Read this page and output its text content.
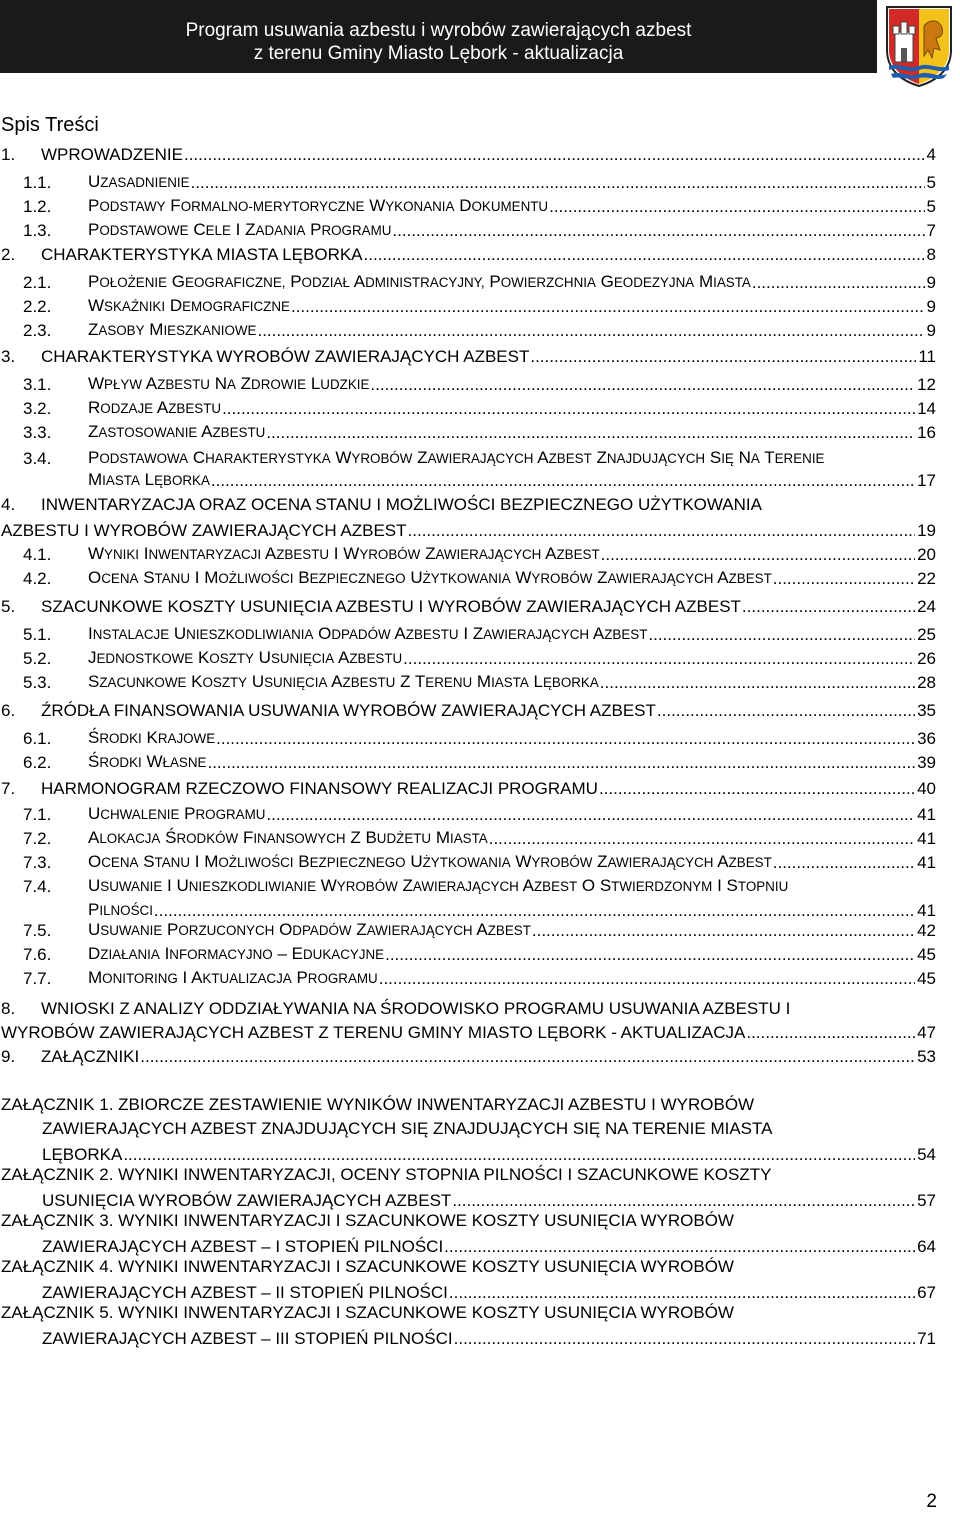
Program usuwania azbestu i wyrobów zawierających azbest
z terenu Gminy Miasto Lębork - aktualizacja
Spis Treści
1.	WPROWADZENIE .....	4
1.1.	UZASADNIENIE .....	5
1.2.	PODSTAWY FORMALNO-MERYTORYCZNE WYKONANIA DOKUMENTU .....	5
1.3.	PODSTAWOWE CELE I ZADANIA PROGRAMU .....	7
2.	CHARAKTERYSTYKA MIASTA LĘBORKA .....	8
2.1.	POŁOŻENIE GEOGRAFICZNE, PODZIAŁ ADMINISTRACYJNY, POWIERZCHNIA GEODEZYJNA MIASTA .....	9
2.2.	WSKAŹNIKI DEMOGRAFICZNE .....	9
2.3.	ZASOBY MIESZKANIOWE .....	9
3.	CHARAKTERYSTYKA WYROBÓW ZAWIERAJĄCYCH AZBEST .....	11
3.1.	WPŁYW AZBESTU NA ZDROWIE LUDZKIE .....	12
3.2.	RODZAJE AZBESTU .....	14
3.3.	ZASTOSOWANIE AZBESTU .....	16
3.4.	PODSTAWOWA CHARAKTERYSTYKA WYROBÓW ZAWIERAJĄCYCH AZBEST ZNAJDUJĄCYCH SIĘ NA TERENIE
MIASTA LĘBORKA .....	17
4.	INWENTARYZACJA ORAZ OCENA STANU I MOŻLIWOŚCI BEZPIECZNEGO UŻYTKOWANIA
AZBESTU I WYROBÓW ZAWIERAJĄCYCH AZBEST .....	19
4.1.	WYNIKI INWENTARYZACJI AZBESTU I WYROBÓW ZAWIERAJĄCYCH AZBEST .....	20
4.2.	OCENA STANU I MOŻLIWOŚCI BEZPIECZNEGO UŻYTKOWANIA WYROBÓW ZAWIERAJĄCYCH AZBEST .....	22
5.	SZACUNKOWE KOSZTY USUNIĘCIA AZBESTU I WYROBÓW ZAWIERAJĄCYCH AZBEST .....	24
5.1.	INSTALACJE UNIESZKODLIWIANIA ODPADÓW AZBESTU I ZAWIERAJĄCYCH AZBEST .....	25
5.2.	JEDNOSTKOWE KOSZTY USUNIĘCIA AZBESTU .....	26
5.3.	SZACUNKOWE KOSZTY USUNIĘCIA AZBESTU Z TERENU MIASTA LĘBORKA .....	28
6.	ŹRÓDŁA FINANSOWANIA USUWANIA WYROBÓW ZAWIERAJĄCYCH AZBEST .....	35
6.1.	ŚRODKI KRAJOWE .....	36
6.2.	ŚRODKI WŁASNE .....	39
7.	HARMONOGRAM RZECZOWO FINANSOWY REALIZACJI PROGRAMU .....	40
7.1.	UCHWALENIE PROGRAMU .....	41
7.2.	ALOKACJA ŚRODKÓW FINANSOWYCH Z BUDŻETU MIASTA .....	41
7.3.	OCENA STANU I MOŻLIWOŚCI BEZPIECZNEGO UŻYTKOWANIA WYROBÓW ZAWIERAJĄCYCH AZBEST .....	41
7.4.	USUWANIE I UNIESZKODLIWIANIE WYROBÓW ZAWIERAJĄCYCH AZBEST O STWIERDZONYM I STOPNIU
PILNOŚCI .....	41
7.5.	USUWANIE PORZUCONYCH ODPADÓW ZAWIERAJĄCYCH AZBEST .....	42
7.6.	DZIAŁANIA INFORMACYJNO – EDUKACYJNE .....	45
7.7.	MONITORING I AKTUALIZACJA PROGRAMU .....	45
8.	WNIOSKI Z ANALIZY ODDZIAŁYWANIA NA ŚRODOWISKO PROGRAMU USUWANIA AZBESTU I
WYROBÓW ZAWIERAJĄCYCH AZBEST Z TERENU GMINY MIASTO LĘBORK - AKTUALIZACJA .....	47
9.	ZAŁĄCZNIKI .....	53
ZAŁĄCZNIK 1. ZBIORCZE ZESTAWIENIE WYNIKÓW INWENTARYZACJI AZBESTU I WYROBÓW
ZAWIERAJĄCYCH AZBEST ZNAJDUJĄCYCH SIĘ ZNAJDUJĄCYCH SIĘ NA TERENIE MIASTA
LĘBORKA .....	54
ZAŁĄCZNIK 2. WYNIKI INWENTARYZACJI, OCENY STOPNIA PILNOŚCI I SZACUNKOWE KOSZTY
USUNIĘCIA WYROBÓW ZAWIERAJĄCYCH AZBEST .....	57
ZAŁĄCZNIK 3. WYNIKI INWENTARYZACJI I SZACUNKOWE KOSZTY USUNIĘCIA WYROBÓW
ZAWIERAJĄCYCH AZBEST – I STOPIEŃ PILNOŚCI .....	64
ZAŁĄCZNIK 4. WYNIKI INWENTARYZACJI I SZACUNKOWE KOSZTY USUNIĘCIA WYROBÓW
ZAWIERAJĄCYCH AZBEST – II STOPIEŃ PILNOŚCI .....	67
ZAŁĄCZNIK 5. WYNIKI INWENTARYZACJI I SZACUNKOWE KOSZTY USUNIĘCIA WYROBÓW
ZAWIERAJĄCYCH AZBEST – III STOPIEŃ PILNOŚCI .....	71
2
